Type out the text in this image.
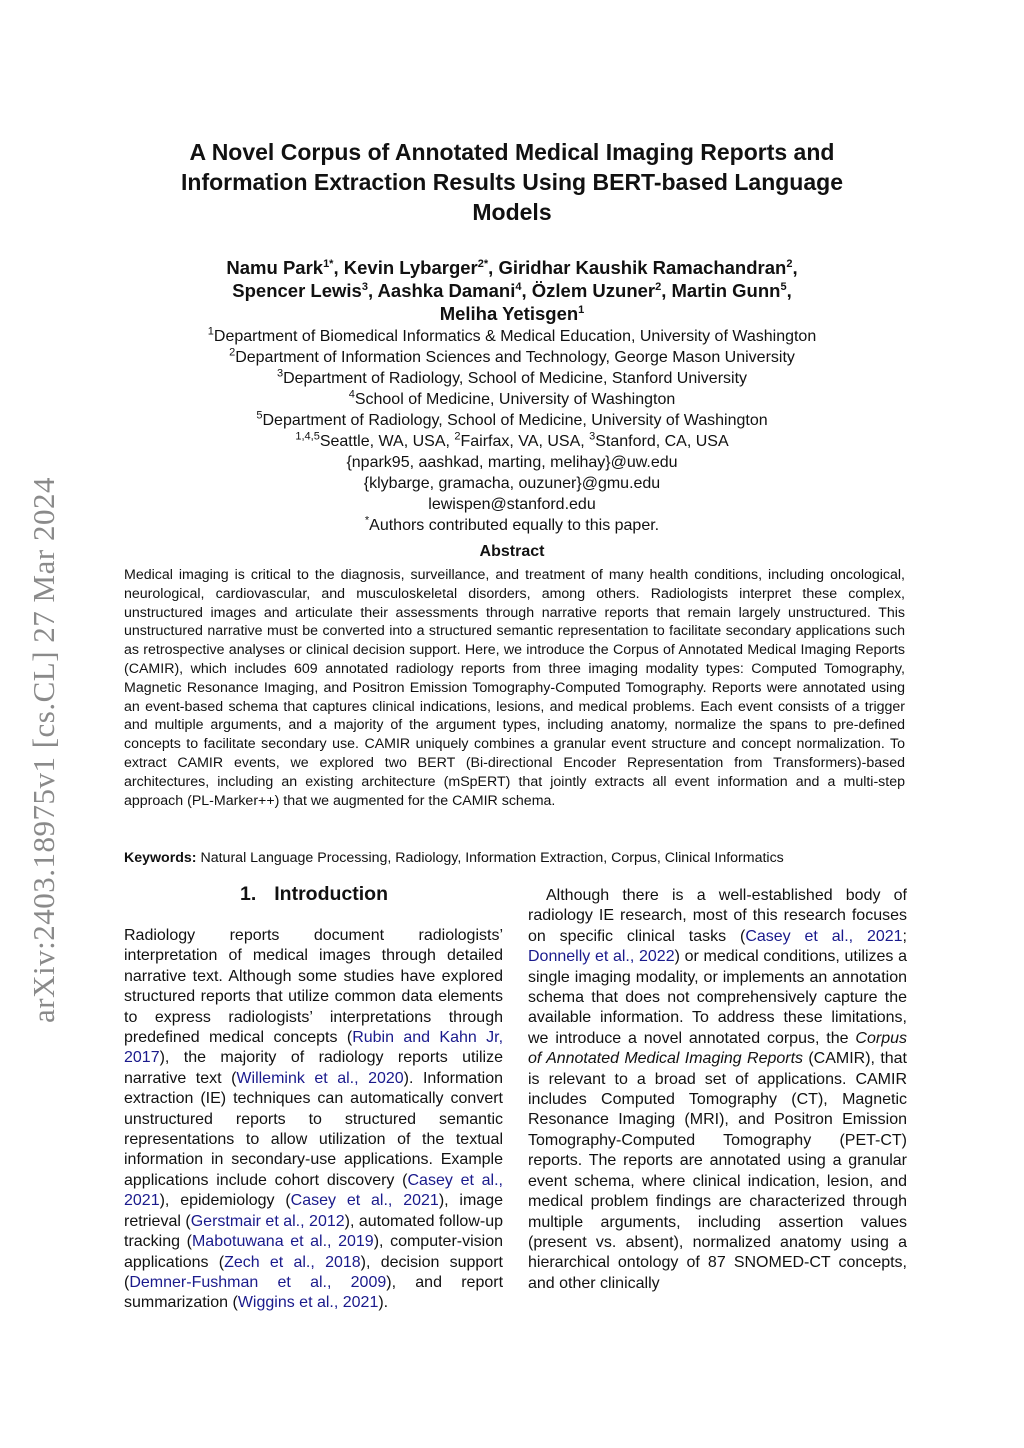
arXiv:2403.18975v1 [cs.CL] 27 Mar 2024
A Novel Corpus of Annotated Medical Imaging Reports and
Information Extraction Results Using BERT-based Language
Models
Namu Park$^{1*}$, Kevin Lybarger$^{2*}$, Giridhar Kaushik Ramachandran$^2$,
Spencer Lewis$^3$, Aashka Damani$^4$, Özlem Uzuner$^2$, Martin Gunn$^5$,
Meliha Yetisgen$^1$
$^1$Department of Biomedical Informatics & Medical Education, University of Washington
$^2$Department of Information Sciences and Technology, George Mason University
$^3$Department of Radiology, School of Medicine, Stanford University
$^4$School of Medicine, University of Washington
$^5$Department of Radiology, School of Medicine, University of Washington
$^{1,4,5}$Seattle, WA, USA, $^2$Fairfax, VA, USA, $^3$Stanford, CA, USA
{npark95, aashkad, marting, melihay}@uw.edu
{klybarge, gramacha, ouzuner}@gmu.edu
lewispen@stanford.edu
*Authors contributed equally to this paper.
Abstract
Medical imaging is critical to the diagnosis, surveillance, and treatment of many health conditions, including oncological, neurological, cardiovascular, and musculoskeletal disorders, among others. Radiologists interpret these complex, unstructured images and articulate their assessments through narrative reports that remain largely unstructured. This unstructured narrative must be converted into a structured semantic representation to facilitate secondary applications such as retrospective analyses or clinical decision support. Here, we introduce the Corpus of Annotated Medical Imaging Reports (CAMIR), which includes 609 annotated radiology reports from three imaging modality types: Computed Tomography, Magnetic Resonance Imaging, and Positron Emission Tomography-Computed Tomography. Reports were annotated using an event-based schema that captures clinical indications, lesions, and medical problems. Each event consists of a trigger and multiple arguments, and a majority of the argument types, including anatomy, normalize the spans to pre-defined concepts to facilitate secondary use. CAMIR uniquely combines a granular event structure and concept normalization. To extract CAMIR events, we explored two BERT (Bi-directional Encoder Representation from Transformers)-based architectures, including an existing architecture (mSpERT) that jointly extracts all event information and a multi-step approach (PL-Marker++) that we augmented for the CAMIR schema.
Keywords: Natural Language Processing, Radiology, Information Extraction, Corpus, Clinical Informatics
1. Introduction
Radiology reports document radiologists’ interpretation of medical images through detailed narrative text. Although some studies have explored structured reports that utilize common data elements to express radiologists’ interpretations through predefined medical concepts (Rubin and Kahn Jr, 2017), the majority of radiology reports utilize narrative text (Willemink et al., 2020). Information extraction (IE) techniques can automatically convert unstructured reports to structured semantic representations to allow utilization of the textual information in secondary-use applications. Example applications include cohort discovery (Casey et al., 2021), epidemiology (Casey et al., 2021), image retrieval (Gerstmair et al., 2012), automated follow-up tracking (Mabotuwana et al., 2019), computer-vision applications (Zech et al., 2018), decision support (Demner-Fushman et al., 2009), and report summarization (Wiggins et al., 2021).
Although there is a well-established body of radiology IE research, most of this research focuses on specific clinical tasks (Casey et al., 2021; Donnelly et al., 2022) or medical conditions, utilizes a single imaging modality, or implements an annotation schema that does not comprehensively capture the available information. To address these limitations, we introduce a novel annotated corpus, the Corpus of Annotated Medical Imaging Reports (CAMIR), that is relevant to a broad set of applications. CAMIR includes Computed Tomography (CT), Magnetic Resonance Imaging (MRI), and Positron Emission Tomography-Computed Tomography (PET-CT) reports. The reports are annotated using a granular event schema, where clinical indication, lesion, and medical problem findings are characterized through multiple arguments, including assertion values (present vs. absent), normalized anatomy using a hierarchical ontology of 87 SNOMED-CT concepts, and other clinically
